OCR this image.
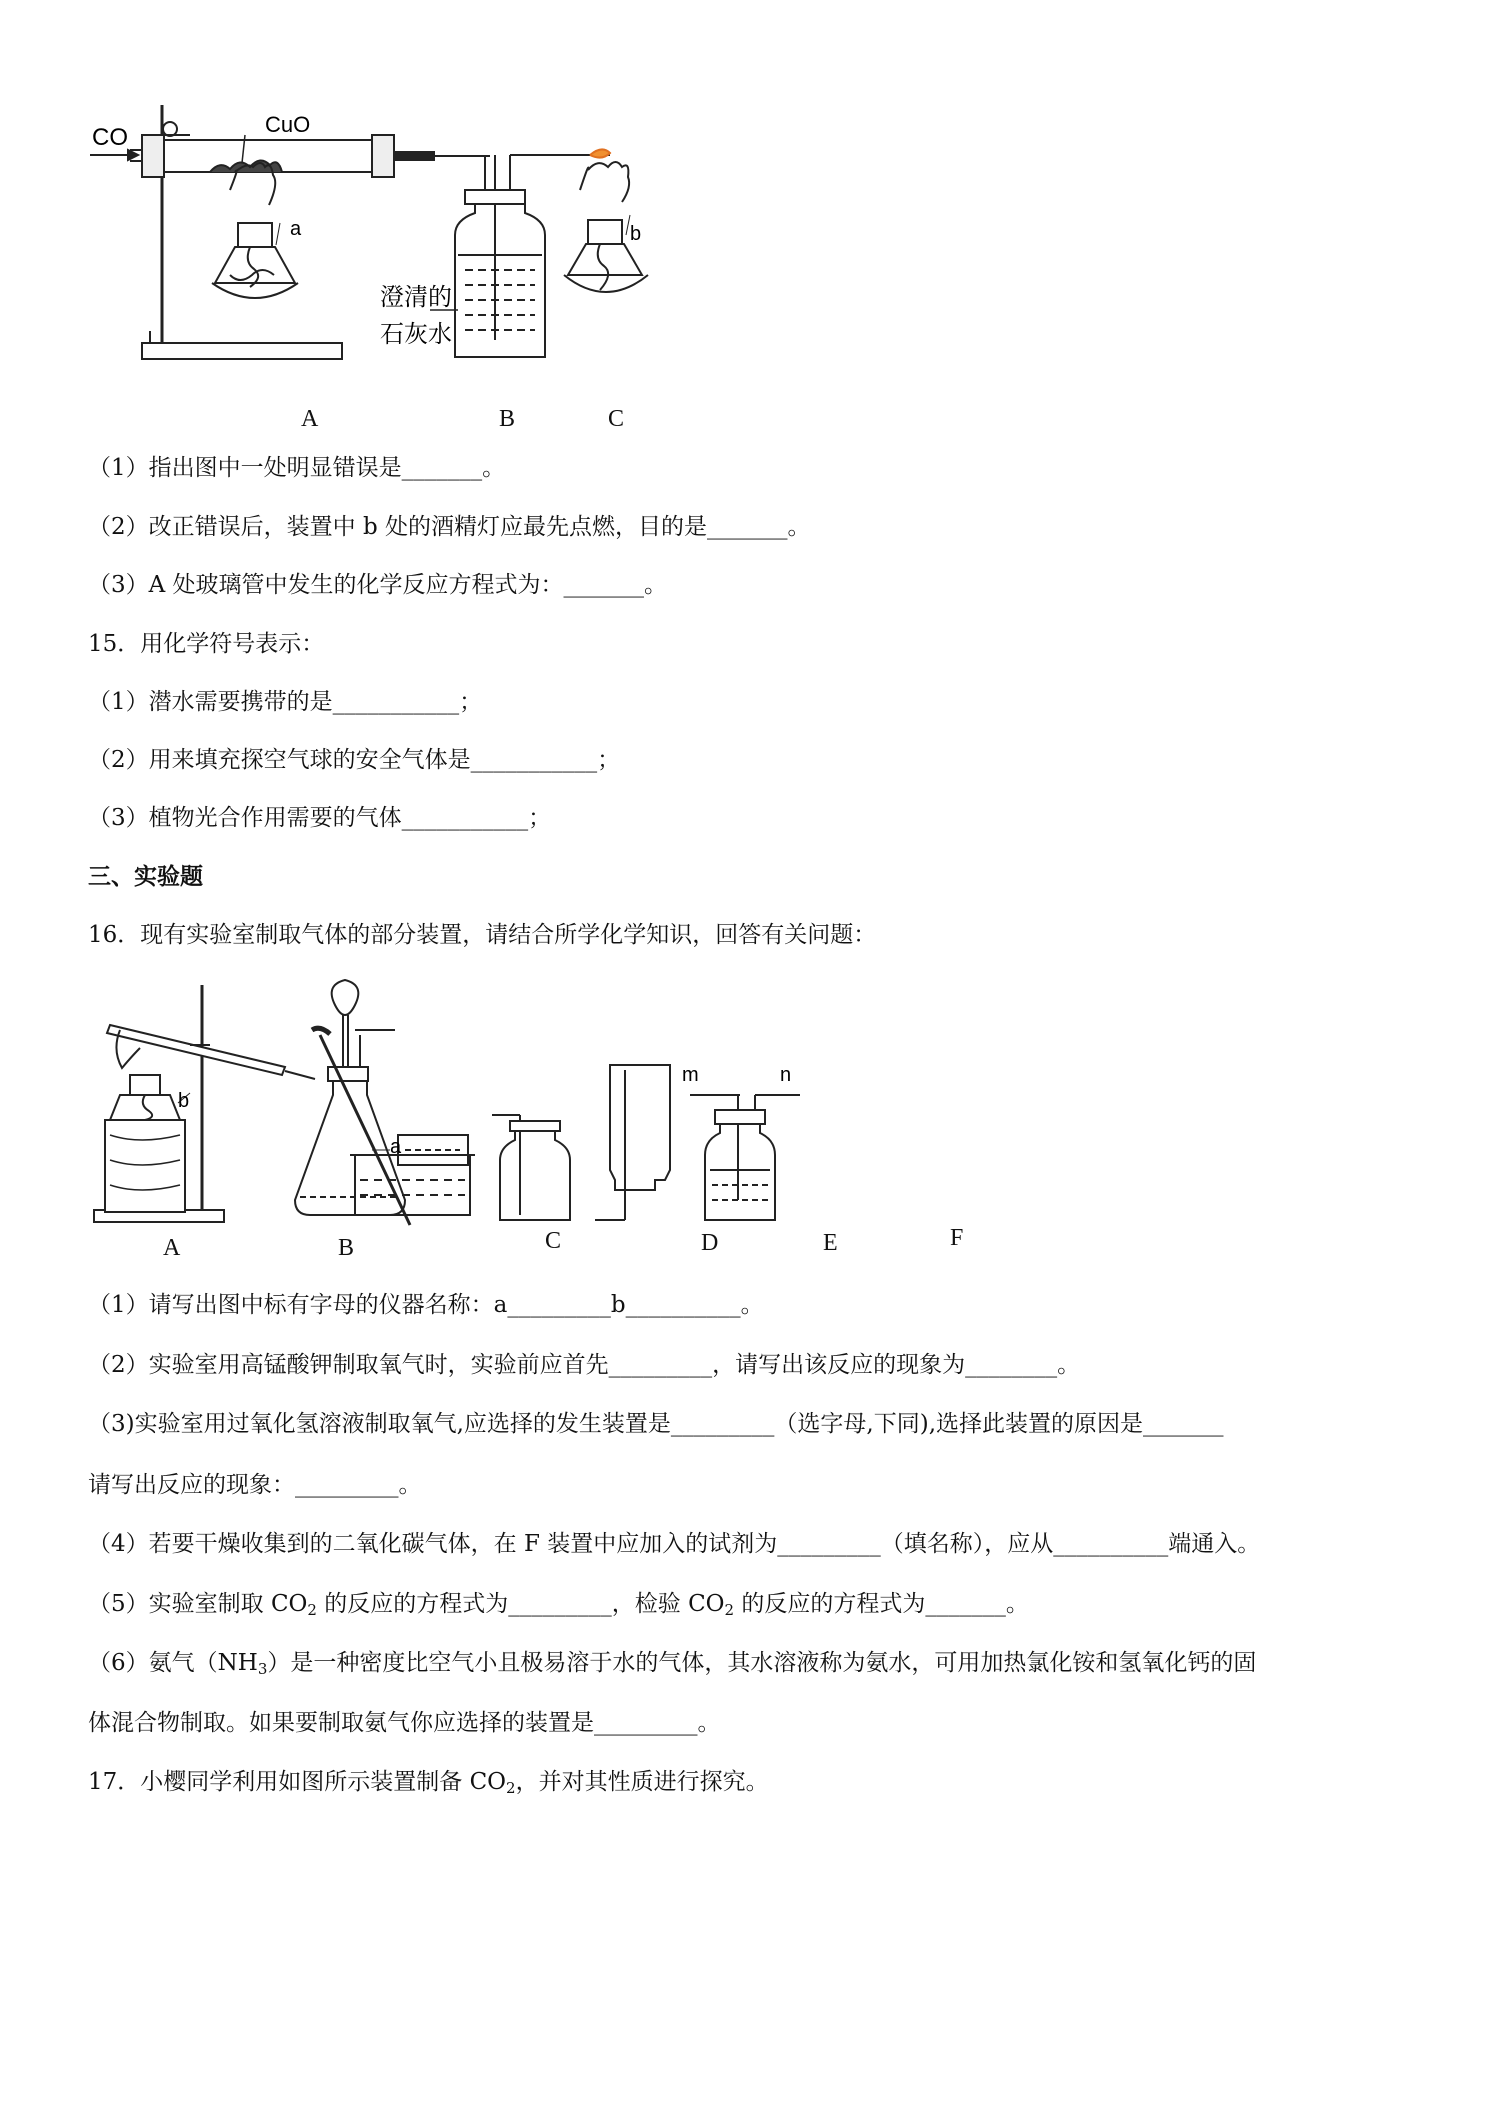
CO	CuO
a	b
澄清的
石灰水
A	B	C
（1）指出图中一处明显错误是_______。
（2）改正错误后，装置中 b 处的酒精灯应最先点燃，目的是_______。
（3）A 处玻璃管中发生的化学反应方程式为：_______。
15．用化学符号表示：
（1）潜水需要携带的是___________；
（2）用来填充探空气球的安全气体是___________；
（3）植物光合作用需要的气体___________；
三、实验题
16．现有实验室制取气体的部分装置，请结合所学化学知识，回答有关问题：
b
a
m	n
A	B	C	D	E	F
（1）请写出图中标有字母的仪器名称：a_________b__________。
（2）实验室用高锰酸钾制取氧气时，实验前应首先_________，请写出该反应的现象为________。
（3)实验室用过氧化氢溶液制取氧气,应选择的发生装置是_________（选字母,下同),选择此装置的原因是_______
请写出反应的现象：_________。
（4）若要干燥收集到的二氧化碳气体，在 F 装置中应加入的试剂为_________（填名称），应从__________端通入。
（5）实验室制取 $CO_2$ 的反应的方程式为_________，检验 $CO_2$ 的反应的方程式为_______。
（6）氨气$(NH_3)$是一种密度比空气小且极易溶于水的气体，其水溶液称为氨水，可用加热氯化铵和氢氧化钙的固
体混合物制取。如果要制取氨气你应选择的装置是_________。
17．小樱同学利用如图所示装置制备 $CO_2$，并对其性质进行探究。
